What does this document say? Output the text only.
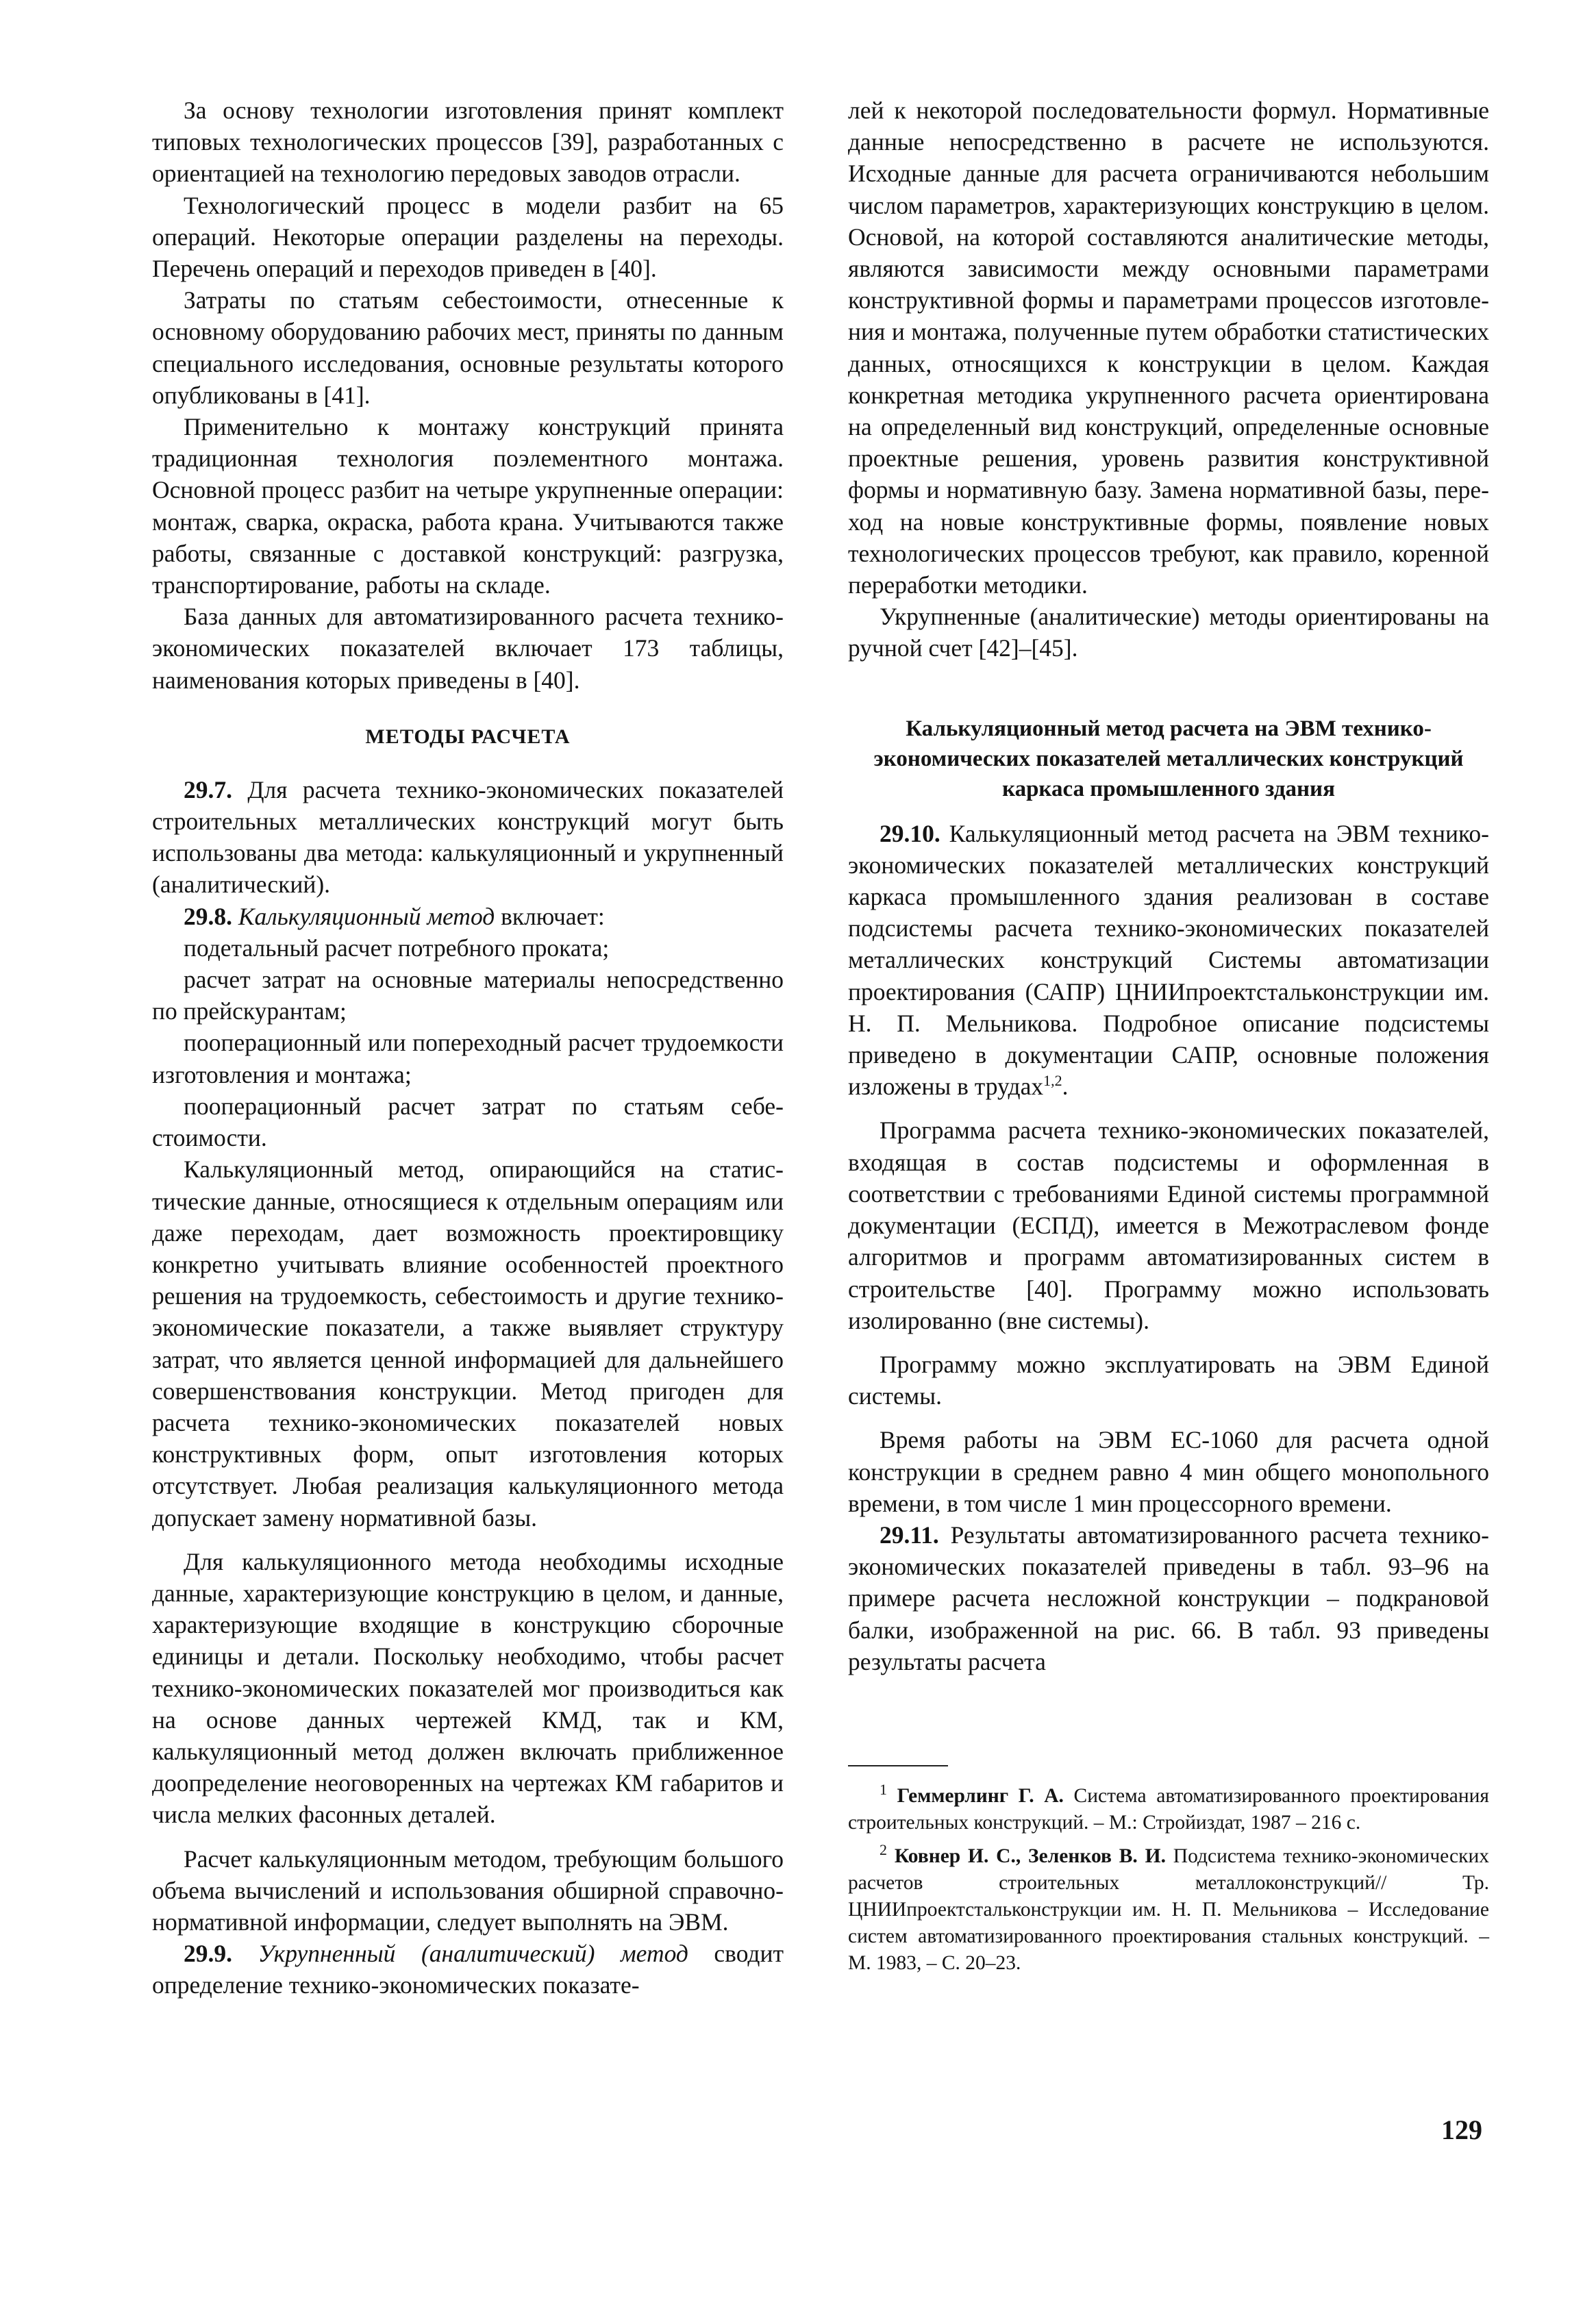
За основу технологии изготовления принят комплект типовых технологических процессов [39], разработанных с ориентацией на технологию передовых заводов отрасли.

Технологический процесс в модели разбит на 65 операций. Некоторые операции разделены на переходы. Перечень операций и переходов приведен в [40].

Затраты по статьям себестоимости, отнесенные к основному оборудованию рабочих мест, приняты по данным специального исследования, основные результаты которого опубликованы в [41].

Применительно к монтажу конструкций принята традиционная технология поэлементного монтажа. Основной процесс разбит на четыре укрупненные операции: монтаж, сварка, окраска, работа крана. Учитываются также работы, связанные с доставкой конструкций: разгрузка, транспортирование, работы на складе.

База данных для автоматизированного расчета технико-экономических показателей включает 173 таблицы, наименования которых приведены в [40].

МЕТОДЫ РАСЧЕТА

29.7. Для расчета технико-экономических показателей строительных металлических конструкций могут быть использованы два метода: калькуляционный и укрупненный (аналитический).

29.8. Калькуляционный метод включает:

подетальный расчет потребного проката;

расчет затрат на основные материалы непосредственно по прейскурантам;

пооперационный или попереходный расчет трудоемкости изготовления и монтажа;

пооперационный расчет затрат по статьям себестоимости.

Калькуляционный метод, опирающийся на статистические данные, относящиеся к отдельным операциям или даже переходам, дает возможность проектировщику конкретно учитывать влияние особенностей проектного решения на трудоемкость, себестоимость и другие технико-экономические показатели, а также выявляет структуру затрат, что является ценной информацией для дальнейшего совершенствования конструкции. Метод пригоден для расчета технико-экономических показателей новых конструктивных форм, опыт изготовления которых отсутствует. Любая реализация калькуляционного метода допускает замену нормативной базы.

Для калькуляционного метода необходимы исходные данные, характеризующие конструкцию в целом, и данные, характеризующие входящие в конструкцию сборочные единицы и детали. Поскольку необходимо, чтобы расчет технико-экономических показателей мог производиться как на основе данных чертежей КМД, так и КМ, калькуляционный метод должен включать приближенное доопределение неоговоренных на чертежах КМ габаритов и числа мелких фасонных деталей.

Расчет калькуляционным методом, требующим большого объема вычислений и использования обширной справочно-нормативной информации, следует выполнять на ЭВМ.

29.9. Укрупненный (аналитический) метод сводит определение технико-экономических показате-

лей к некоторой последовательности формул. Нормативные данные непосредственно в расчете не используются. Исходные данные для расчета ограничиваются небольшим числом параметров, характеризующих конструкцию в целом. Основой, на которой составляются аналитические методы, являются зависимости между основными параметрами конструктивной формы и параметрами процессов изготовления и монтажа, полученные путем обработки статистических данных, относящихся к конструкции в целом. Каждая конкретная методика укрупненного расчета ориентирована на определенный вид конструкций, определенные основные проектные решения, уровень развития конструктивной формы и нормативную базу. Замена нормативной базы, переход на новые конструктивные формы, появление новых технологических процессов требуют, как правило, коренной переработки методики.

Укрупненные (аналитические) методы ориентированы на ручной счет [42]–[45].

Калькуляционный метод расчета на ЭВМ технико-экономических показателей металлических конструкций каркаса промышленного здания

29.10. Калькуляционный метод расчета на ЭВМ технико-экономических показателей металлических конструкций каркаса промышленного здания реализован в составе подсистемы расчета технико-экономических показателей металлических конструкций Системы автоматизации проектирования (САПР) ЦНИИпроектстальконструкции им. Н. П. Мельникова. Подробное описание подсистемы приведено в документации САПР, основные положения изложены в трудах$^{1,2}$.

Программа расчета технико-экономических показателей, входящая в состав подсистемы и оформленная в соответствии с требованиями Единой системы программной документации (ЕСПД), имеется в Межотраслевом фонде алгоритмов и программ автоматизированных систем в строительстве [40]. Программу можно использовать изолированно (вне системы).

Программу можно эксплуатировать на ЭВМ Единой системы.

Время работы на ЭВМ ЕС-1060 для расчета одной конструкции в среднем равно 4 мин общего монопольного времени, в том числе 1 мин процессорного времени.

29.11. Результаты автоматизированного расчета технико-экономических показателей приведены в табл. 93–96 на примере расчета несложной конструкции – подкрановой балки, изображенной на рис. 66. В табл. 93 приведены результаты расчета

$^1$ Геммерлинг Г. А. Система автоматизированного проектирования строительных конструкций. – М.: Стройиздат, 1987 – 216 с.

$^2$ Ковнер И. С., Зеленков В. И. Подсистема технико-экономических расчетов строительных металлоконструкций// Тр. ЦНИИпроектстальконструкции им. Н. П. Мельникова – Исследование систем автоматизированного проектирования стальных конструкций. – М. 1983, – С. 20–23.

129
